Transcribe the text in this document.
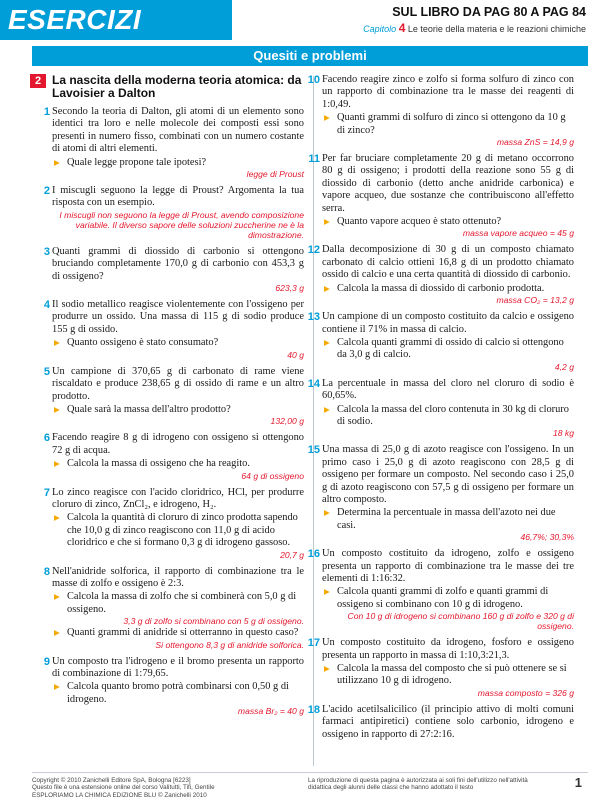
ESERCIZI	SUL LIBRO DA PAG 80 A PAG 84
Capitolo 4 Le teorie della materia e le reazioni chimiche
Quesiti e problemi
2 La nascita della moderna teoria atomica: da Lavoisier a Dalton
1 Secondo la teoria di Dalton, gli atomi di un elemento sono identici tra loro e nelle molecole dei composti essi sono presenti in numero fisso, combinati con un numero costante di atomi di altri elementi.
▶ Quale legge propone tale ipotesi?
legge di Proust
2 I miscugli seguono la legge di Proust? Argomenta la tua risposta con un esempio.
I miscugli non seguono la legge di Proust, avendo composizione variabile. Il diverso sapore delle soluzioni zuccherine ne è la dimostrazione.
3 Quanti grammi di diossido di carbonio si ottengono bruciando completamente 170,0 g di carbonio con 453,3 g di ossigeno?
623,3 g
4 Il sodio metallico reagisce violentemente con l'ossigeno per produrre un ossido. Una massa di 115 g di sodio produce 155 g di ossido.
▶ Quanto ossigeno è stato consumato?
40 g
5 Un campione di 370,65 g di carbonato di rame viene riscaldato e produce 238,65 g di ossido di rame e un altro prodotto.
▶ Quale sarà la massa dell'altro prodotto?
132,00 g
6 Facendo reagire 8 g di idrogeno con ossigeno si ottengono 72 g di acqua.
▶ Calcola la massa di ossigeno che ha reagito.
64 g di ossigeno
7 Lo zinco reagisce con l'acido cloridrico, HCl, per produrre cloruro di zinco, ZnCl₂, e idrogeno, H₂.
▶ Calcola la quantità di cloruro di zinco prodotta sapendo che 10,0 g di zinco reagiscono con 11,0 g di acido cloridrico e che si formano 0,3 g di idrogeno gassoso.
20,7 g
8 Nell'anidride solforica, il rapporto di combinazione tra le masse di zolfo e ossigeno è 2:3.
▶ Calcola la massa di zolfo che si combinerà con 5,0 g di ossigeno.
3,3 g di zolfo si combinano con 5 g di ossigeno.
▶ Quanti grammi di anidride si otterranno in questo caso?
Si ottengono 8,3 g di anidride solforica.
9 Un composto tra l'idrogeno e il bromo presenta un rapporto di combinazione di 1:79,65.
▶ Calcola quanto bromo potrà combinarsi con 0,50 g di idrogeno.
massa Br₂ = 40 g
10 Facendo reagire zinco e zolfo si forma solfuro di zinco con un rapporto di combinazione tra le masse dei reagenti di 1:0,49.
▶ Quanti grammi di solfuro di zinco si ottengono da 10 g di zinco?
massa ZnS = 14,9 g
11 Per far bruciare completamente 20 g di metano occorrono 80 g di ossigeno; i prodotti della reazione sono 55 g di diossido di carbonio (detto anche anidride carbonica) e vapore acqueo, due sostanze che contribuiscono all'effetto serra.
▶ Quanto vapore acqueo è stato ottenuto?
massa vapore acqueo = 45 g
12 Dalla decomposizione di 30 g di un composto chiamato carbonato di calcio ottieni 16,8 g di un prodotto chiamato ossido di calcio e una certa quantità di diossido di carbonio.
▶ Calcola la massa di diossido di carbonio prodotta.
massa CO₂ = 13,2 g
13 Un campione di un composto costituito da calcio e ossigeno contiene il 71% in massa di calcio.
▶ Calcola quanti grammi di ossido di calcio si ottengono da 3,0 g di calcio.
4,2 g
14 La percentuale in massa del cloro nel cloruro di sodio è 60,65%.
▶ Calcola la massa del cloro contenuta in 30 kg di cloruro di sodio.
18 kg
15 Una massa di 25,0 g di azoto reagisce con l'ossigeno. In un primo caso i 25,0 g di azoto reagiscono con 28,5 g di ossigeno per formare un composto. Nel secondo caso i 25,0 g di azoto reagiscono con 57,5 g di ossigeno per formare un altro composto.
▶ Determina la percentuale in massa dell'azoto nei due casi.
46,7%; 30,3%
16 Un composto costituito da idrogeno, zolfo e ossigeno presenta un rapporto di combinazione tra le masse dei tre elementi di 1:16:32.
▶ Calcola quanti grammi di zolfo e quanti grammi di ossigeno si combinano con 10 g di idrogeno.
Con 10 g di idrogeno si combinano 160 g di zolfo e 320 g di ossigeno.
17 Un composto costituito da idrogeno, fosforo e ossigeno presenta un rapporto in massa di 1:10,3:21,3.
▶ Calcola la massa del composto che si può ottenere se si utilizzano 10 g di idrogeno.
massa composto = 326 g
18 L'acido acetilsalicilico (il principio attivo di molti comuni farmaci antipiretici) contiene solo carbonio, idrogeno e ossigeno in rapporto di 27:2:16.
Copyright © 2010 Zanichelli Editore SpA, Bologna [6223]
Questo file è una estensione online del corso Valitutti, Tifi, Gentile
ESPLORIAMO LA CHIMICA EDIZIONE BLU © Zanichelli 2010
La riproduzione di questa pagina è autorizzata ai soli fini dell'utilizzo nell'attività didattica degli alunni delle classi che hanno adottato il testo	1
